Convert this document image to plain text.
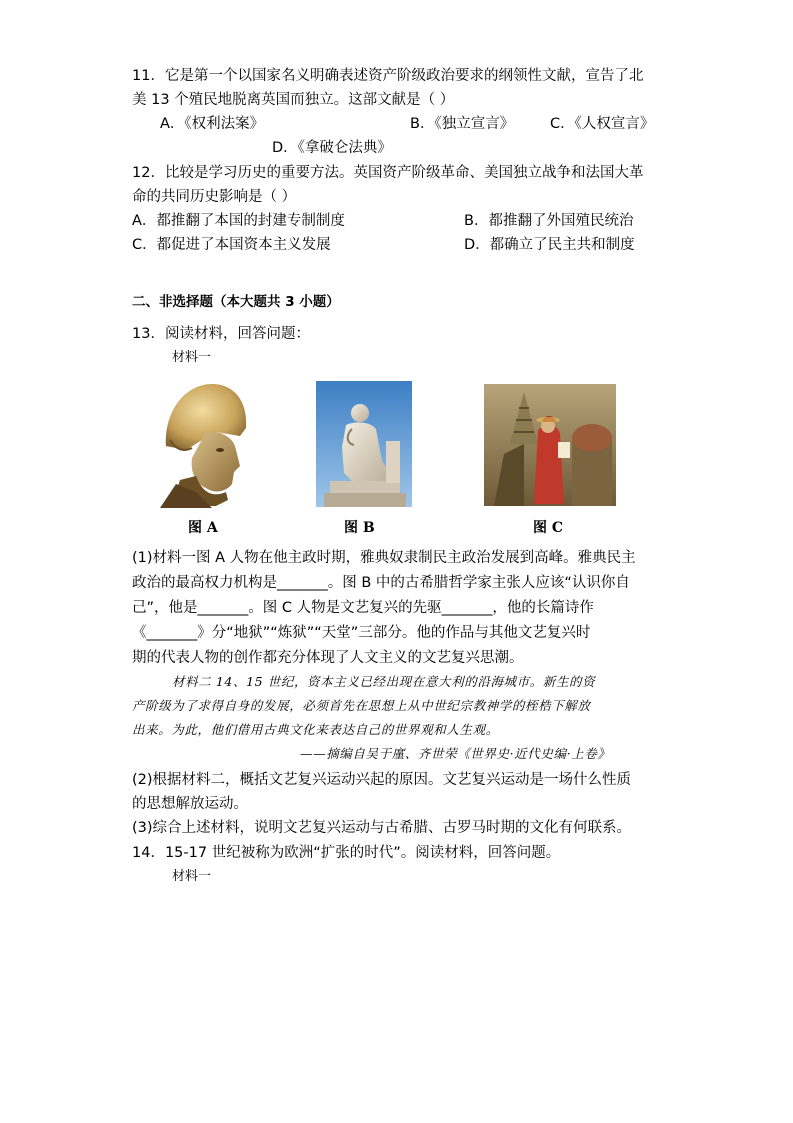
11．它是第一个以国家名义明确表述资产阶级政治要求的纲领性文献，宣告了北
美 13 个殖民地脱离英国而独立。这部文献是（ ）
A．《权利法案》	B．《独立宣言》 C．《人权宣言》
D．《拿破仑法典》
12．比较是学习历史的重要方法。英国资产阶级革命、美国独立战争和法国大革
命的共同历史影响是（ ）
A．都推翻了本国的封建专制制度	B．都推翻了外国殖民统治
C．都促进了本国资本主义发展	D．都确立了民主共和制度
二、非选择题（本大题共 3 小题）
13．阅读材料，回答问题：
材料一
图 A	图 B	图 C
(1)材料一图 A 人物在他主政时期，雅典奴隶制民主政治发展到高峰。雅典民主
政治的最高权力机构是_______。图 B 中的古希腊哲学家主张人应该“认识你自
己”，他是_______。图 C 人物是文艺复兴的先驱_______，他的长篇诗作
《_______》分“地狱”“炼狱”“天堂”三部分。他的作品与其他文艺复兴时
期的代表人物的创作都充分体现了人文主义的文艺复兴思潮。
材料二 14、15 世纪，资本主义已经出现在意大利的沿海城市。新生的资
产阶级为了求得自身的发展，必须首先在思想上从中世纪宗教神学的桎梏下解放
出来。为此，他们借用古典文化来表达自己的世界观和人生观。
——摘编自吴于廑、齐世荣《世界史·近代史编·上卷》
(2)根据材料二，概括文艺复兴运动兴起的原因。文艺复兴运动是一场什么性质
的思想解放运动。
(3)综合上述材料，说明文艺复兴运动与古希腊、古罗马时期的文化有何联系。
14．15-17 世纪被称为欧洲“扩张的时代”。阅读材料，回答问题。
材料一
